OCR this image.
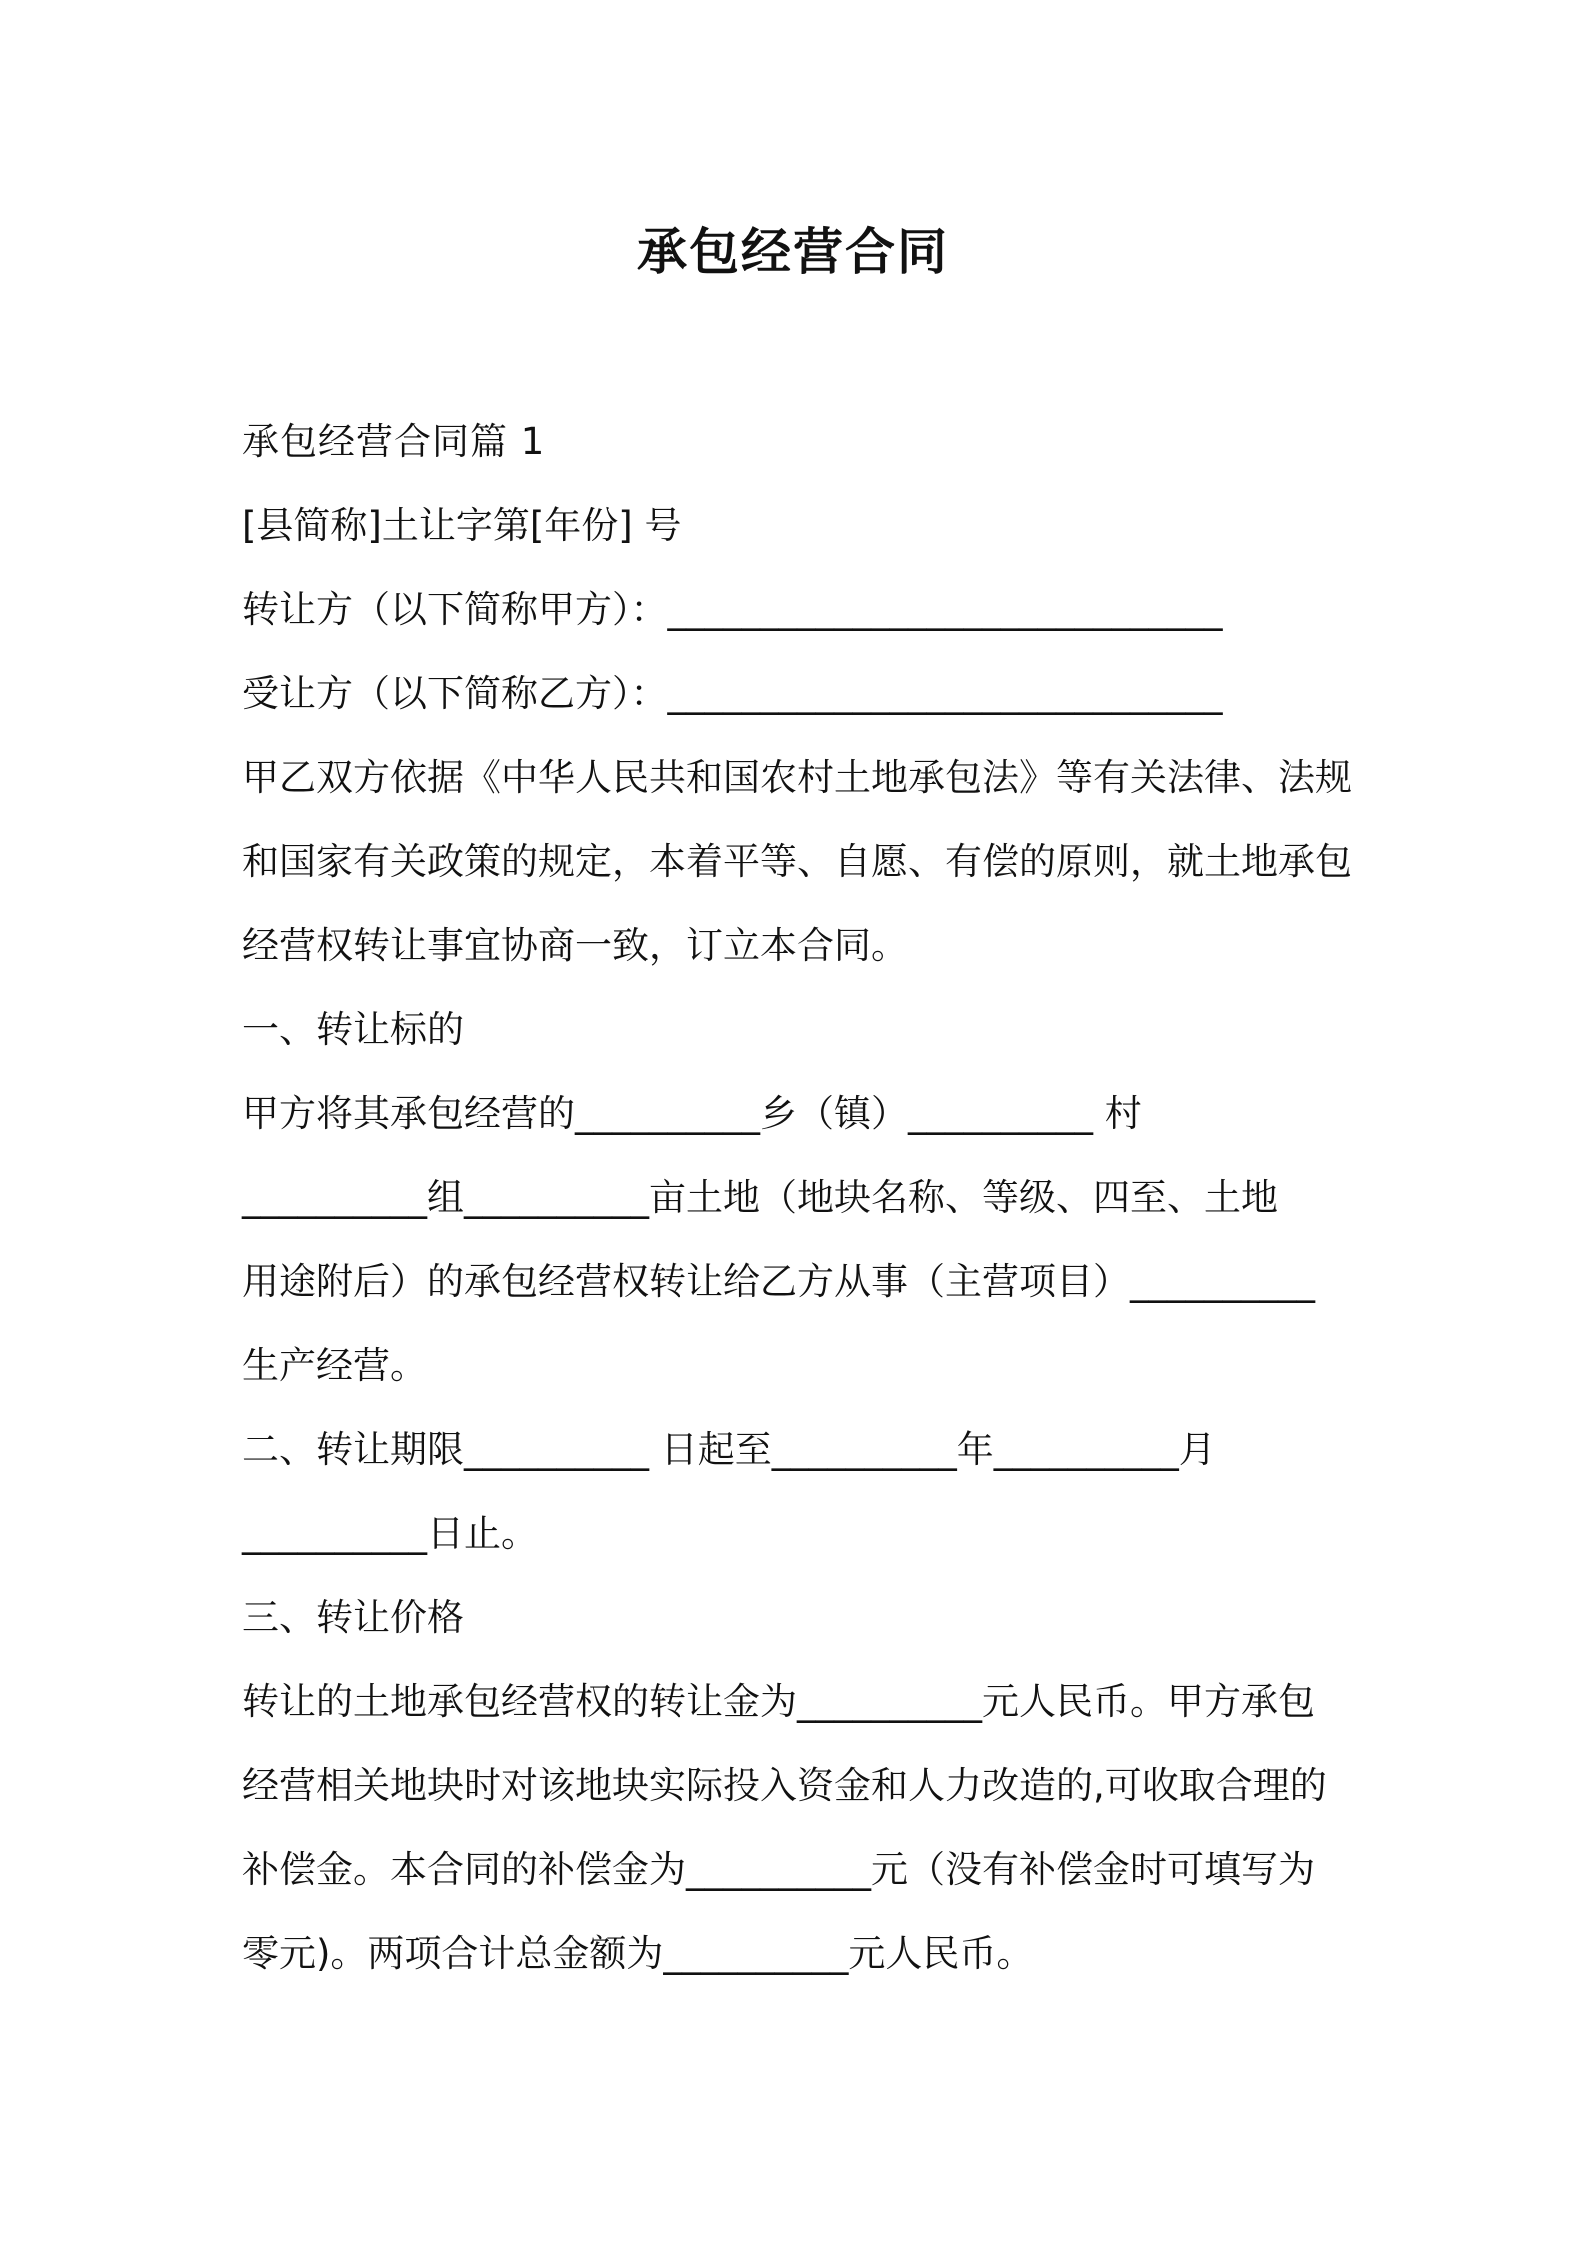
承包经营合同
承包经营合同篇 1
[县简称]土让字第[年份] 号
转让方（以下简称甲方）：______________________________
受让方（以下简称乙方）：______________________________
甲乙双方依据《中华人民共和国农村土地承包法》等有关法律、法规
和国家有关政策的规定，本着平等、自愿、有偿的原则，就土地承包
经营权转让事宜协商一致，订立本合同。
一、转让标的
甲方将其承包经营的__________乡（镇）__________ 村
__________组__________亩土地（地块名称、等级、四至、土地
用途附后）的承包经营权转让给乙方从事（主营项目）__________
生产经营。
二、转让期限__________ 日起至__________年__________月
__________日止。
三、转让价格
转让的土地承包经营权的转让金为__________元人民币。甲方承包
经营相关地块时对该地块实际投入资金和人力改造的,可收取合理的
补偿金。本合同的补偿金为__________元（没有补偿金时可填写为
零元)。两项合计总金额为__________元人民币。
